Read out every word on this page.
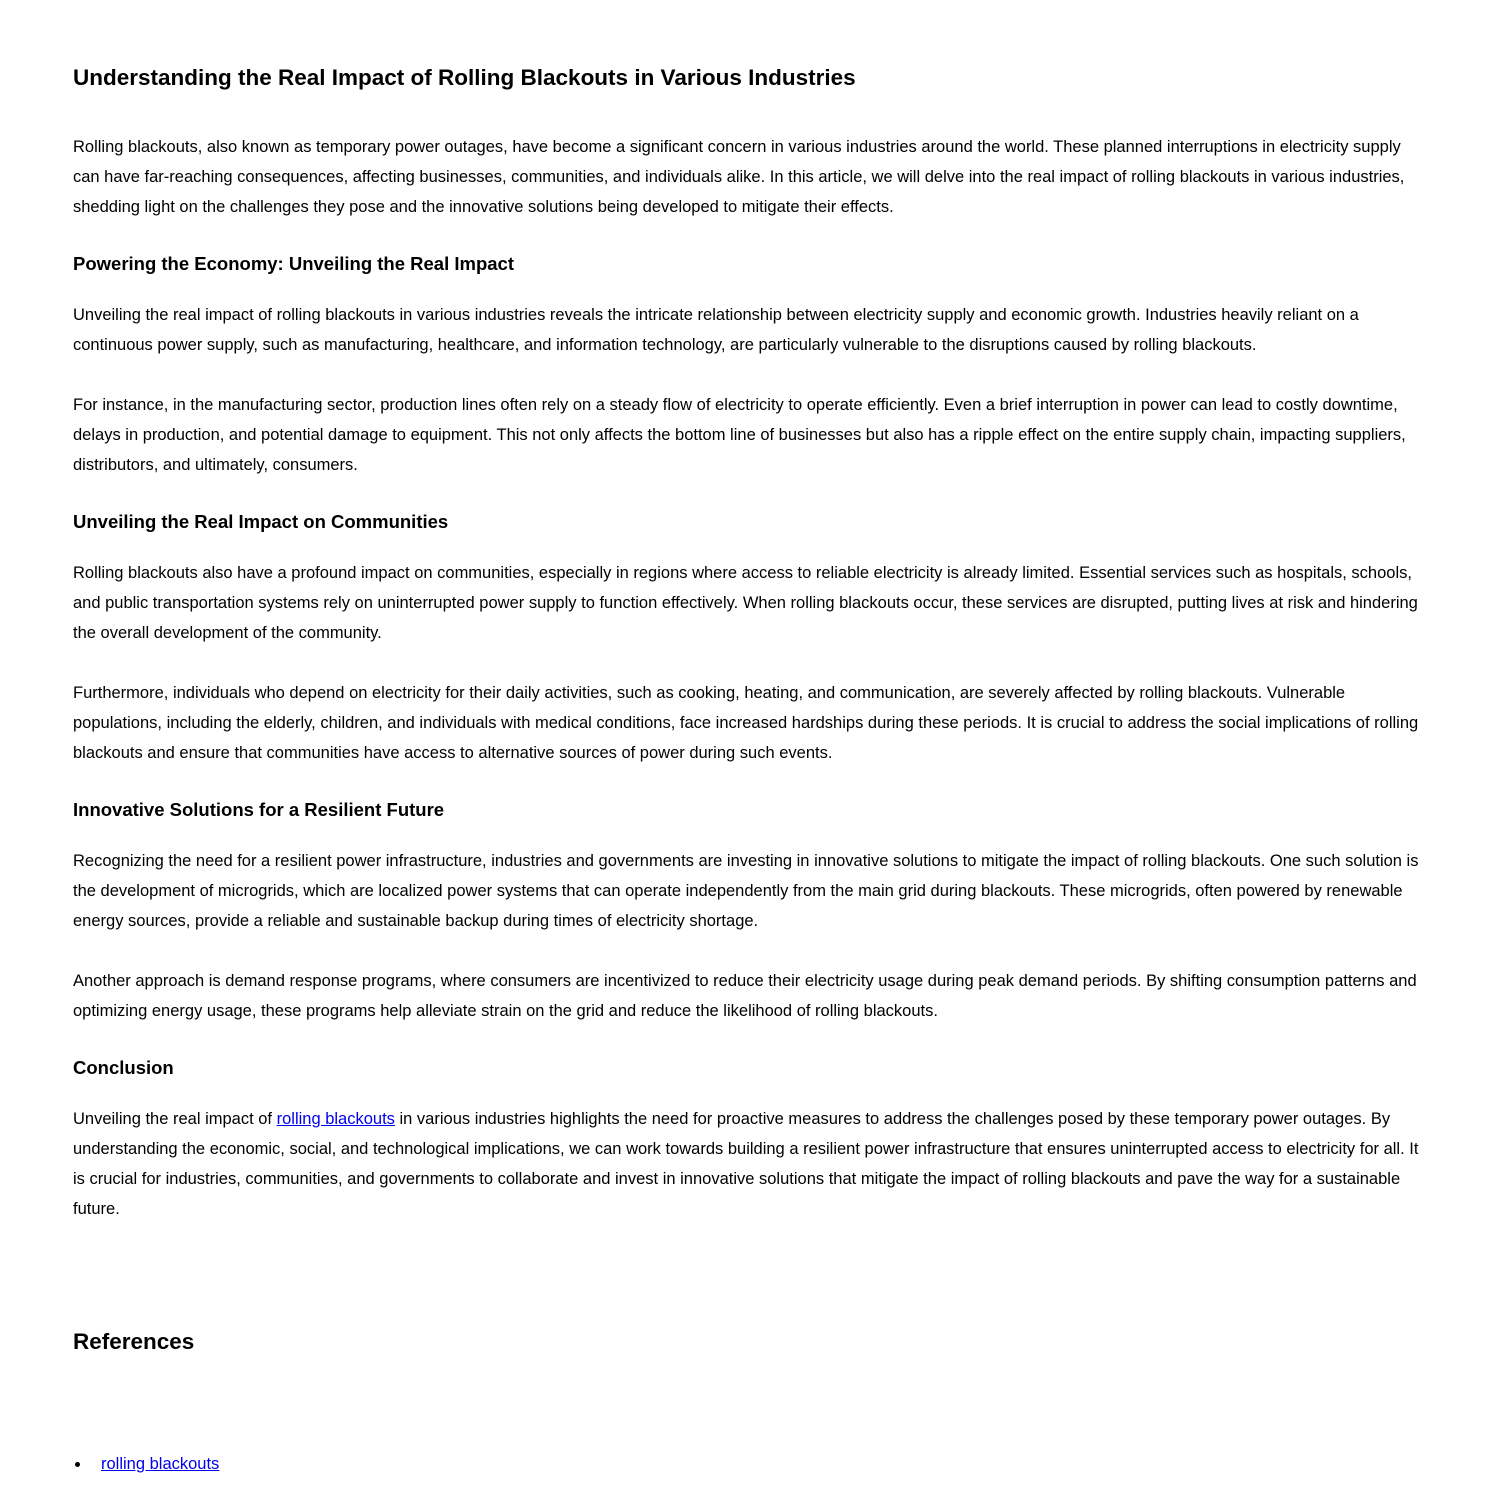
Understanding the Real Impact of Rolling Blackouts in Various Industries

Rolling blackouts, also known as temporary power outages, have become a significant concern in various industries around the world. These planned interruptions in electricity supply can have far-reaching consequences, affecting businesses, communities, and individuals alike. In this article, we will delve into the real impact of rolling blackouts in various industries, shedding light on the challenges they pose and the innovative solutions being developed to mitigate their effects.

Powering the Economy: Unveiling the Real Impact

Unveiling the real impact of rolling blackouts in various industries reveals the intricate relationship between electricity supply and economic growth. Industries heavily reliant on a continuous power supply, such as manufacturing, healthcare, and information technology, are particularly vulnerable to the disruptions caused by rolling blackouts.

For instance, in the manufacturing sector, production lines often rely on a steady flow of electricity to operate efficiently. Even a brief interruption in power can lead to costly downtime, delays in production, and potential damage to equipment. This not only affects the bottom line of businesses but also has a ripple effect on the entire supply chain, impacting suppliers, distributors, and ultimately, consumers.

Unveiling the Real Impact on Communities

Rolling blackouts also have a profound impact on communities, especially in regions where access to reliable electricity is already limited. Essential services such as hospitals, schools, and public transportation systems rely on uninterrupted power supply to function effectively. When rolling blackouts occur, these services are disrupted, putting lives at risk and hindering the overall development of the community.

Furthermore, individuals who depend on electricity for their daily activities, such as cooking, heating, and communication, are severely affected by rolling blackouts. Vulnerable populations, including the elderly, children, and individuals with medical conditions, face increased hardships during these periods. It is crucial to address the social implications of rolling blackouts and ensure that communities have access to alternative sources of power during such events.

Innovative Solutions for a Resilient Future

Recognizing the need for a resilient power infrastructure, industries and governments are investing in innovative solutions to mitigate the impact of rolling blackouts. One such solution is the development of microgrids, which are localized power systems that can operate independently from the main grid during blackouts. These microgrids, often powered by renewable energy sources, provide a reliable and sustainable backup during times of electricity shortage.

Another approach is demand response programs, where consumers are incentivized to reduce their electricity usage during peak demand periods. By shifting consumption patterns and optimizing energy usage, these programs help alleviate strain on the grid and reduce the likelihood of rolling blackouts.

Conclusion

Unveiling the real impact of rolling blackouts in various industries highlights the need for proactive measures to address the challenges posed by these temporary power outages. By understanding the economic, social, and technological implications, we can work towards building a resilient power infrastructure that ensures uninterrupted access to electricity for all. It is crucial for industries, communities, and governments to collaborate and invest in innovative solutions that mitigate the impact of rolling blackouts and pave the way for a sustainable future.

References
• rolling blackouts
